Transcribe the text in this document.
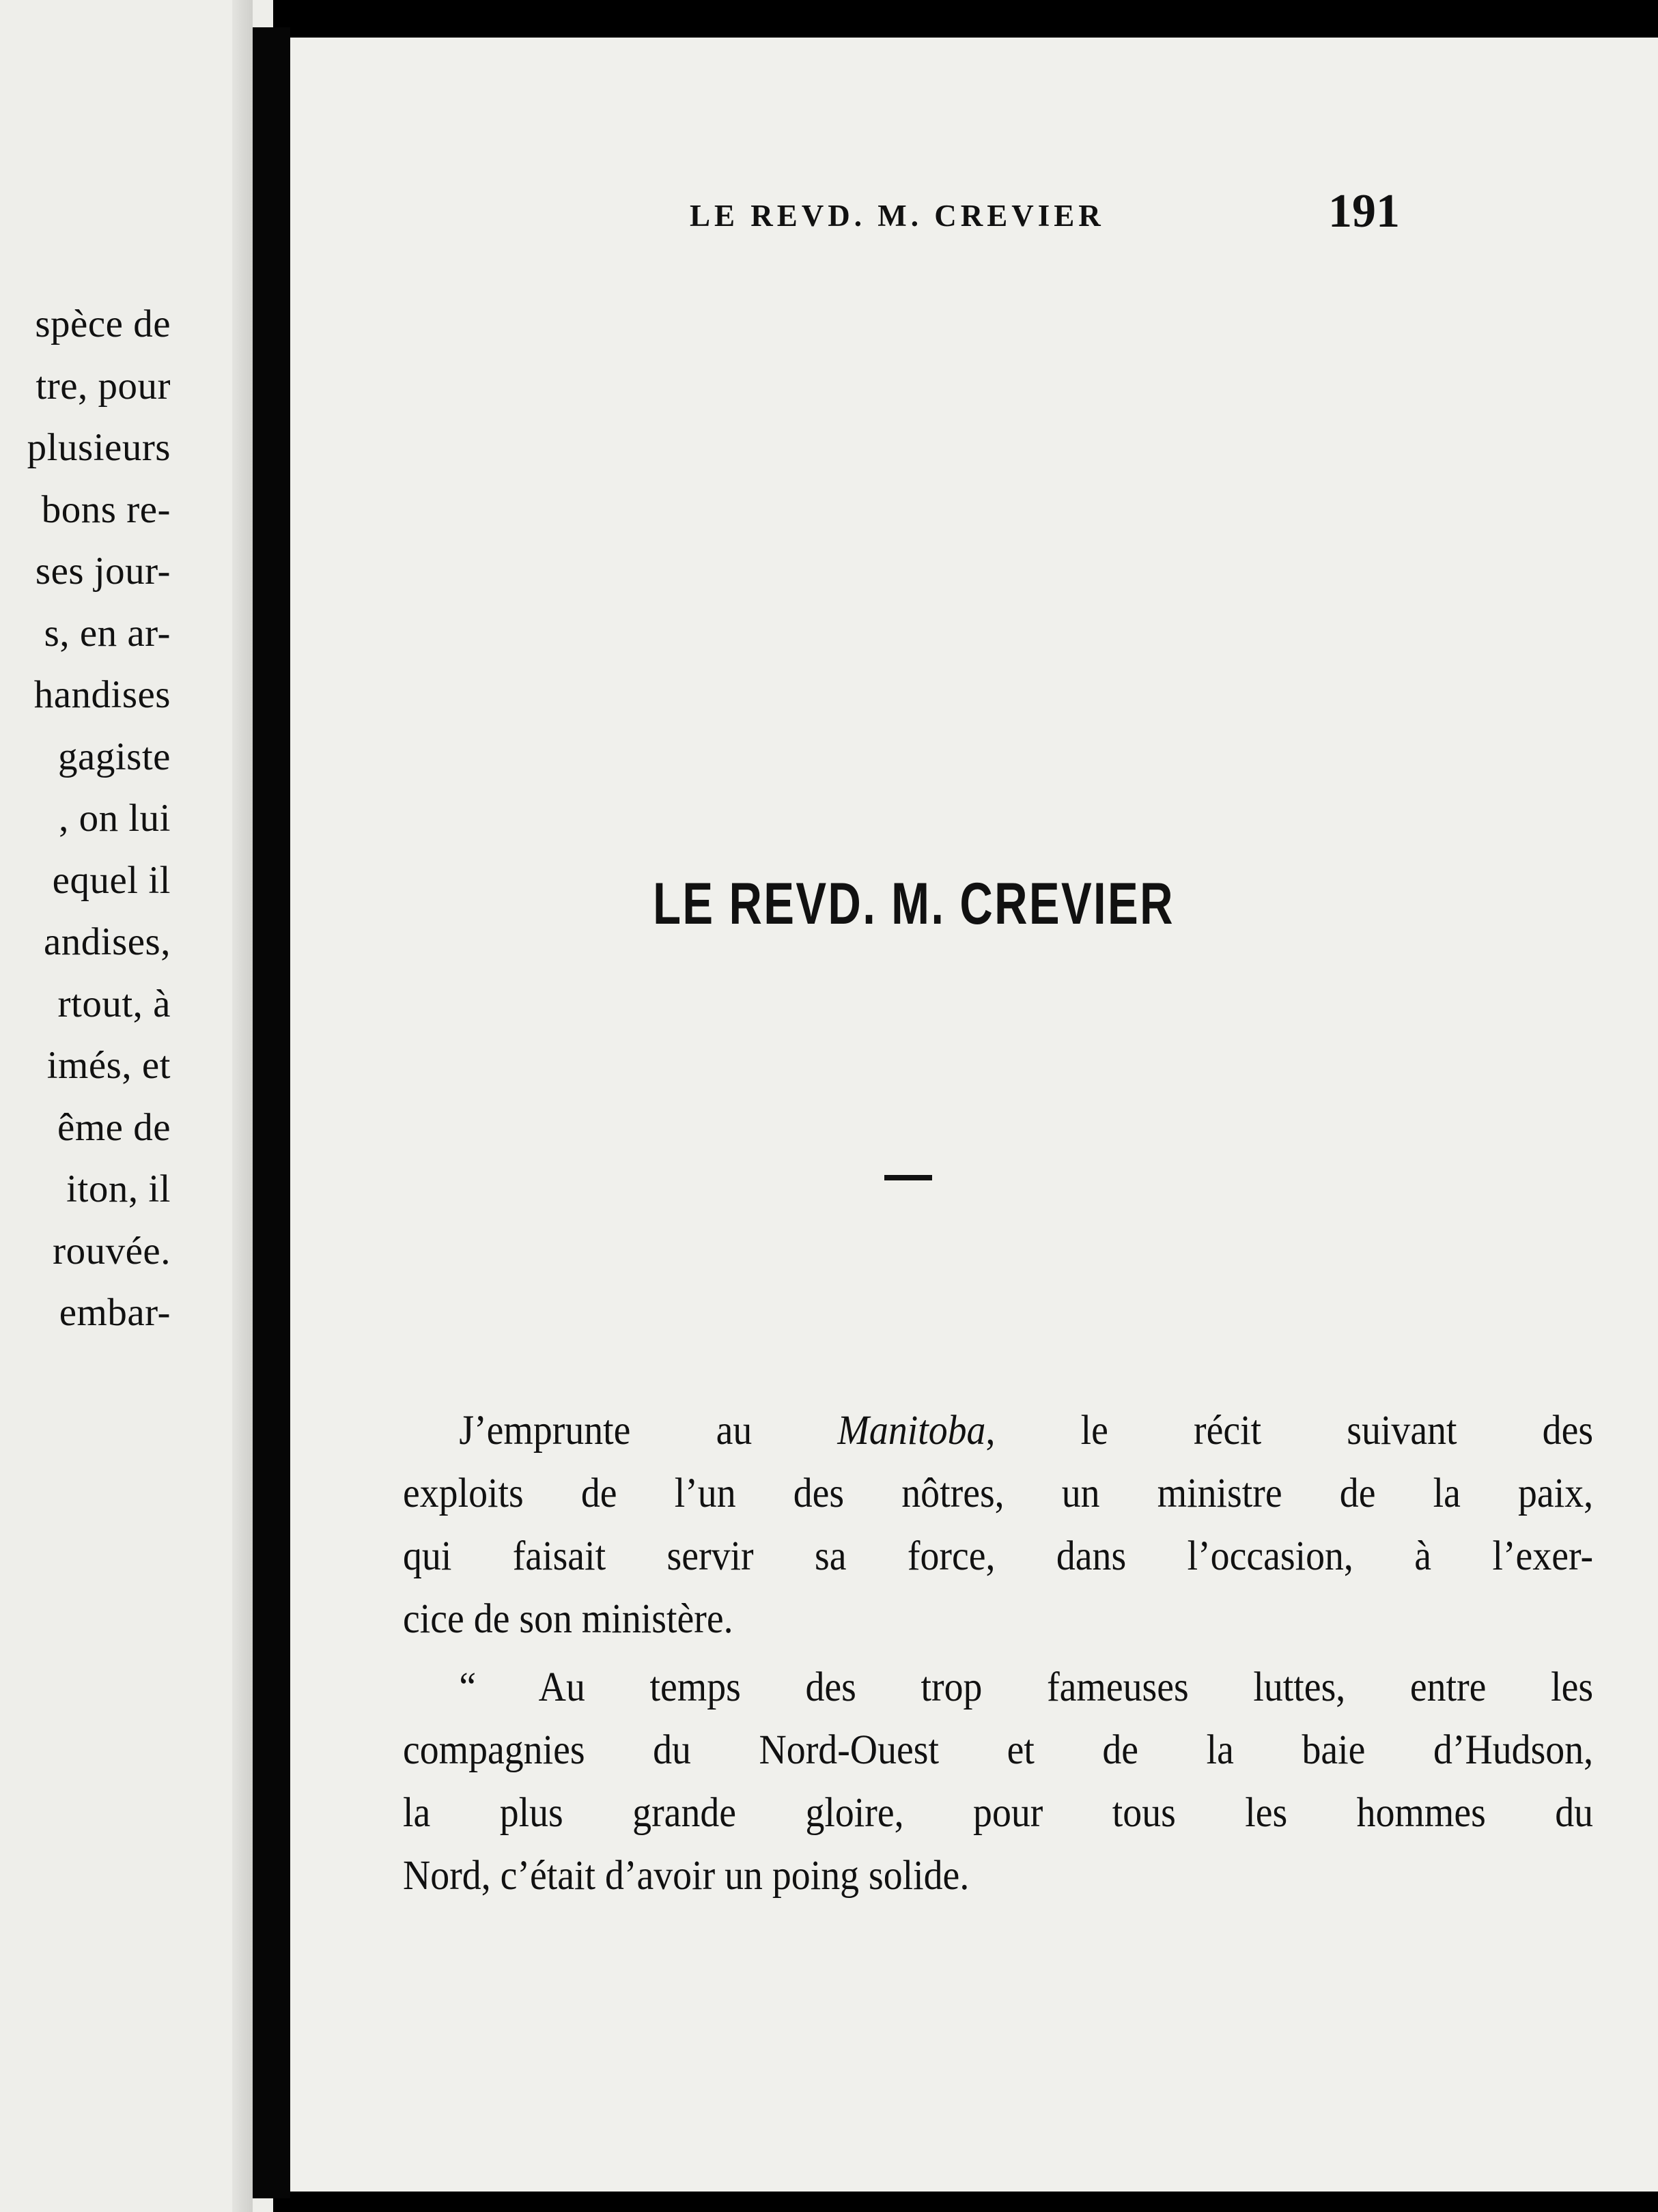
spèce de
tre, pour
plusieurs
bons re-
ses jour-
s, en ar-
handises
gagiste
, on lui
equel il
andises,
rtout, à
imés, et
ême de
iton, il
rouvée.
embar-
LE REVD. M. CREVIER	191
LE REVD. M. CREVIER

J’emprunte au Manitoba, le récit suivant des
exploits de l’un des nôtres, un ministre de la paix,
qui faisait servir sa force, dans l’occasion, à l’exer-
cice de son ministère.

“ Au temps des trop fameuses luttes, entre les
compagnies du Nord-Ouest et de la baie d’Hudson,
la plus grande gloire, pour tous les hommes du
Nord, c’était d’avoir un poing solide.
